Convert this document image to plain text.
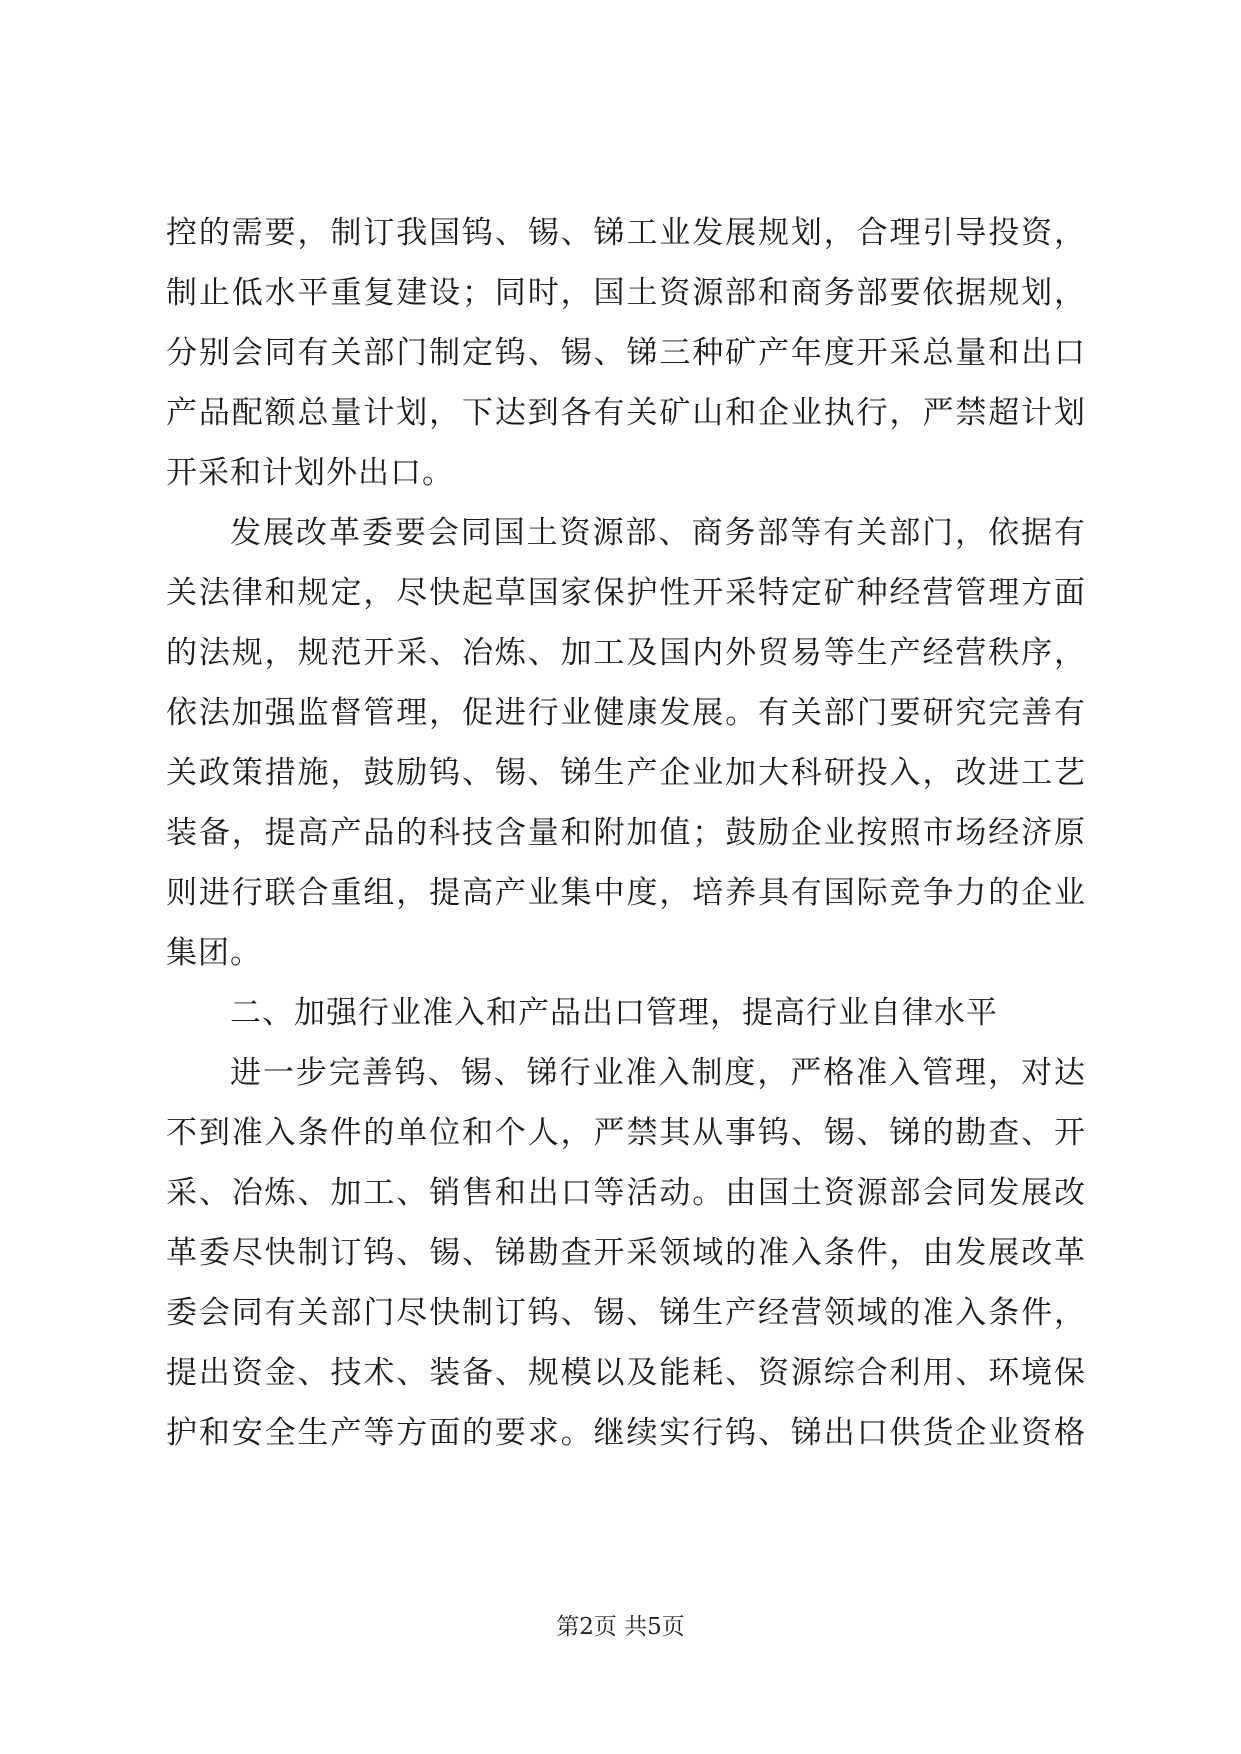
控的需要，制订我国钨、锡、锑工业发展规划，合理引导投资，
制止低水平重复建设；同时，国土资源部和商务部要依据规划，
分别会同有关部门制定钨、锡、锑三种矿产年度开采总量和出口
产品配额总量计划，下达到各有关矿山和企业执行，严禁超计划
开采和计划外出口。
发展改革委要会同国土资源部、商务部等有关部门，依据有
关法律和规定，尽快起草国家保护性开采特定矿种经营管理方面
的法规，规范开采、冶炼、加工及国内外贸易等生产经营秩序，
依法加强监督管理，促进行业健康发展。有关部门要研究完善有
关政策措施，鼓励钨、锡、锑生产企业加大科研投入，改进工艺
装备，提高产品的科技含量和附加值；鼓励企业按照市场经济原
则进行联合重组，提高产业集中度，培养具有国际竞争力的企业
集团。
二、加强行业准入和产品出口管理，提高行业自律水平
进一步完善钨、锡、锑行业准入制度，严格准入管理，对达
不到准入条件的单位和个人，严禁其从事钨、锡、锑的勘查、开
采、冶炼、加工、销售和出口等活动。由国土资源部会同发展改
革委尽快制订钨、锡、锑勘查开采领域的准入条件，由发展改革
委会同有关部门尽快制订钨、锡、锑生产经营领域的准入条件，
提出资金、技术、装备、规模以及能耗、资源综合利用、环境保
护和安全生产等方面的要求。继续实行钨、锑出口供货企业资格
第2页 共5页
